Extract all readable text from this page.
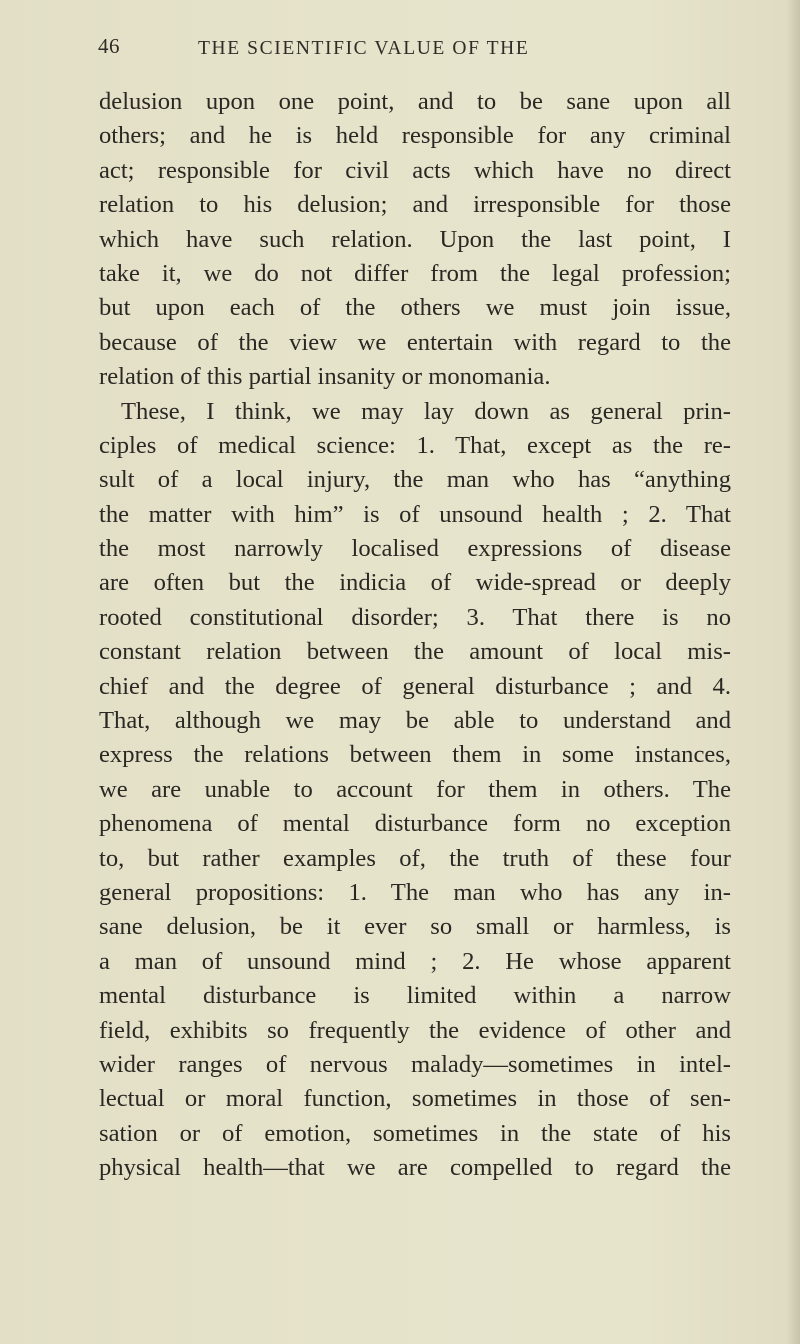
46	THE SCIENTIFIC VALUE OF THE
delusion upon one point, and to be sane upon all
others; and he is held responsible for any criminal
act; responsible for civil acts which have no direct
relation to his delusion; and irresponsible for those
which have such relation. Upon the last point, I
take it, we do not differ from the legal profession;
but upon each of the others we must join issue,
because of the view we entertain with regard to the
relation of this partial insanity or monomania.
These, I think, we may lay down as general prin-
ciples of medical science: 1. That, except as the re-
sult of a local injury, the man who has “anything
the matter with him” is of unsound health ; 2. That
the most narrowly localised expressions of disease
are often but the indicia of wide-spread or deeply
rooted constitutional disorder; 3. That there is no
constant relation between the amount of local mis-
chief and the degree of general disturbance ; and 4.
That, although we may be able to understand and
express the relations between them in some instances,
we are unable to account for them in others. The
phenomena of mental disturbance form no exception
to, but rather examples of, the truth of these four
general propositions: 1. The man who has any in-
sane delusion, be it ever so small or harmless, is
a man of unsound mind ; 2. He whose apparent
mental disturbance is limited within a narrow
field, exhibits so frequently the evidence of other and
wider ranges of nervous malady—sometimes in intel-
lectual or moral function, sometimes in those of sen-
sation or of emotion, sometimes in the state of his
physical health—that we are compelled to regard the
